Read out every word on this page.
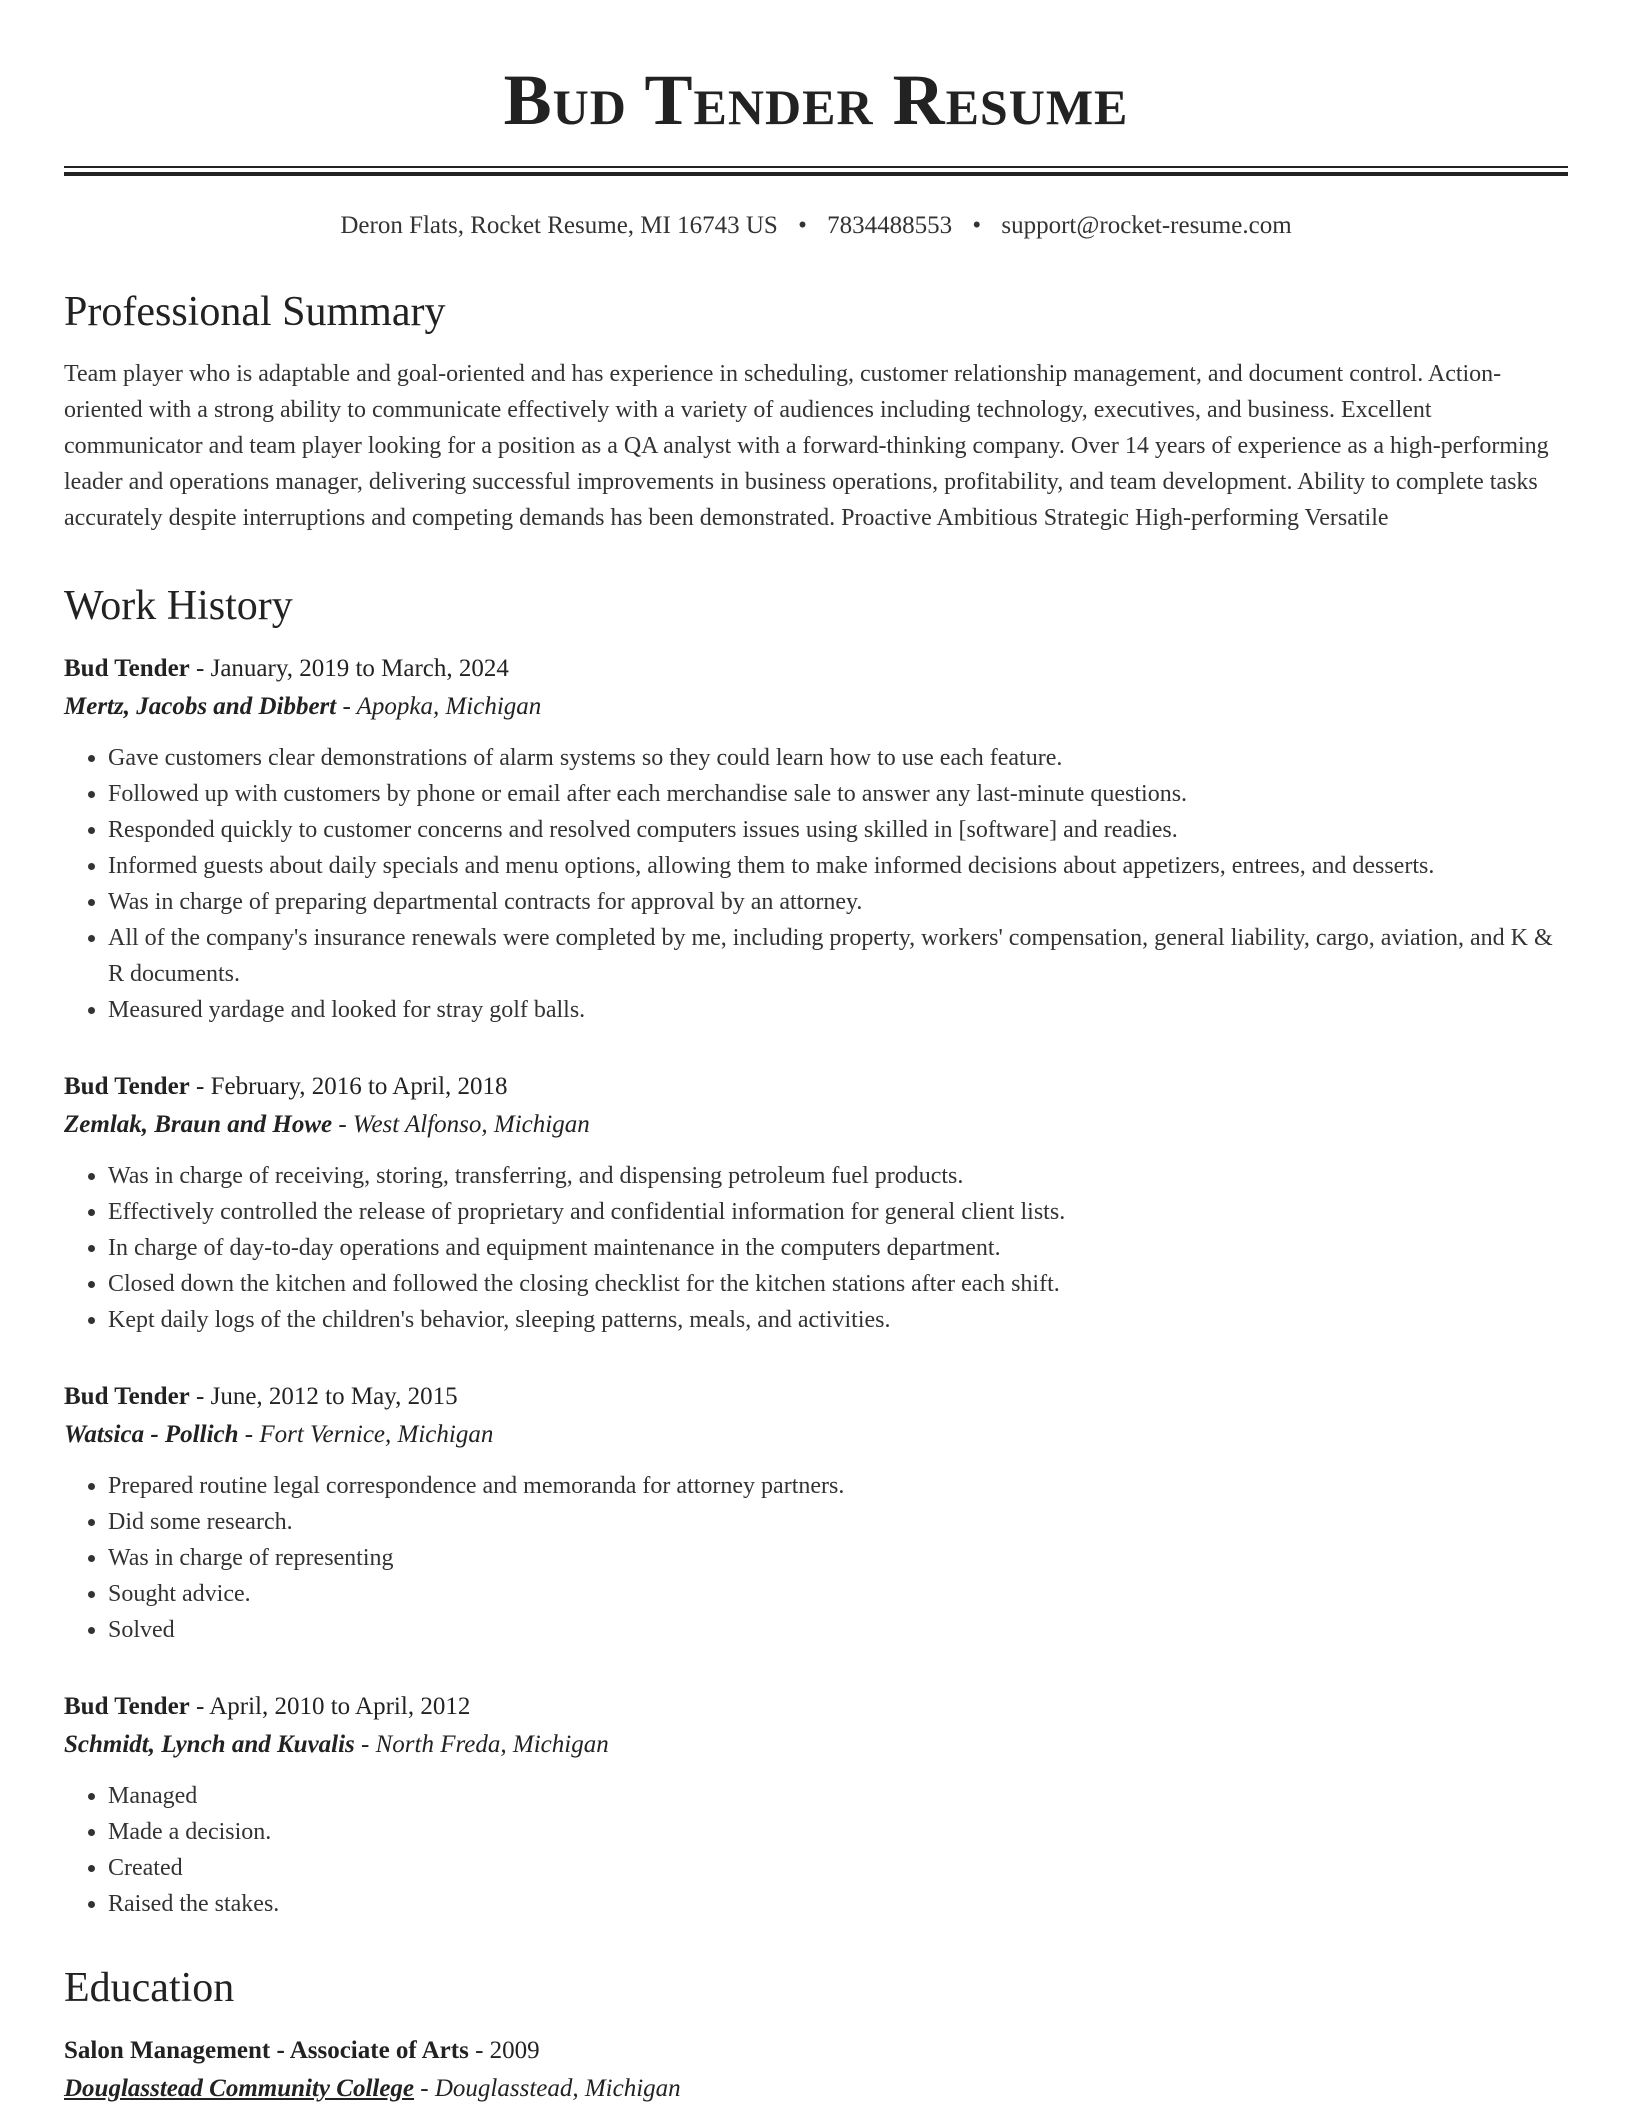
Bud Tender Resume
Deron Flats, Rocket Resume, MI 16743 US • 7834488553 • support@rocket-resume.com
Professional Summary

Team player who is adaptable and goal-oriented and has experience in scheduling, customer relationship management, and document control. Action-oriented with a strong ability to communicate effectively with a variety of audiences including technology, executives, and business. Excellent communicator and team player looking for a position as a QA analyst with a forward-thinking company. Over 14 years of experience as a high-performing leader and operations manager, delivering successful improvements in business operations, profitability, and team development. Ability to complete tasks accurately despite interruptions and competing demands has been demonstrated. Proactive Ambitious Strategic High-performing Versatile

Work History

Bud Tender - January, 2019 to March, 2024

Mertz, Jacobs and Dibbert - Apopka, Michigan

• Gave customers clear demonstrations of alarm systems so they could learn how to use each feature.
• Followed up with customers by phone or email after each merchandise sale to answer any last-minute questions.
• Responded quickly to customer concerns and resolved computers issues using skilled in [software] and readies.
• Informed guests about daily specials and menu options, allowing them to make informed decisions about appetizers, entrees, and desserts.
• Was in charge of preparing departmental contracts for approval by an attorney.
• All of the company's insurance renewals were completed by me, including property, workers' compensation, general liability, cargo, aviation, and K & R documents.
• Measured yardage and looked for stray golf balls.

Bud Tender - February, 2016 to April, 2018

Zemlak, Braun and Howe - West Alfonso, Michigan

• Was in charge of receiving, storing, transferring, and dispensing petroleum fuel products.
• Effectively controlled the release of proprietary and confidential information for general client lists.
• In charge of day-to-day operations and equipment maintenance in the computers department.
• Closed down the kitchen and followed the closing checklist for the kitchen stations after each shift.
• Kept daily logs of the children's behavior, sleeping patterns, meals, and activities.

Bud Tender - June, 2012 to May, 2015

Watsica - Pollich - Fort Vernice, Michigan

• Prepared routine legal correspondence and memoranda for attorney partners.
• Did some research.
• Was in charge of representing
• Sought advice.
• Solved

Bud Tender - April, 2010 to April, 2012

Schmidt, Lynch and Kuvalis - North Freda, Michigan

• Managed
• Made a decision.
• Created
• Raised the stakes.
Education

Salon Management - Associate of Arts - 2009

Douglasstead Community College - Douglasstead, Michigan
